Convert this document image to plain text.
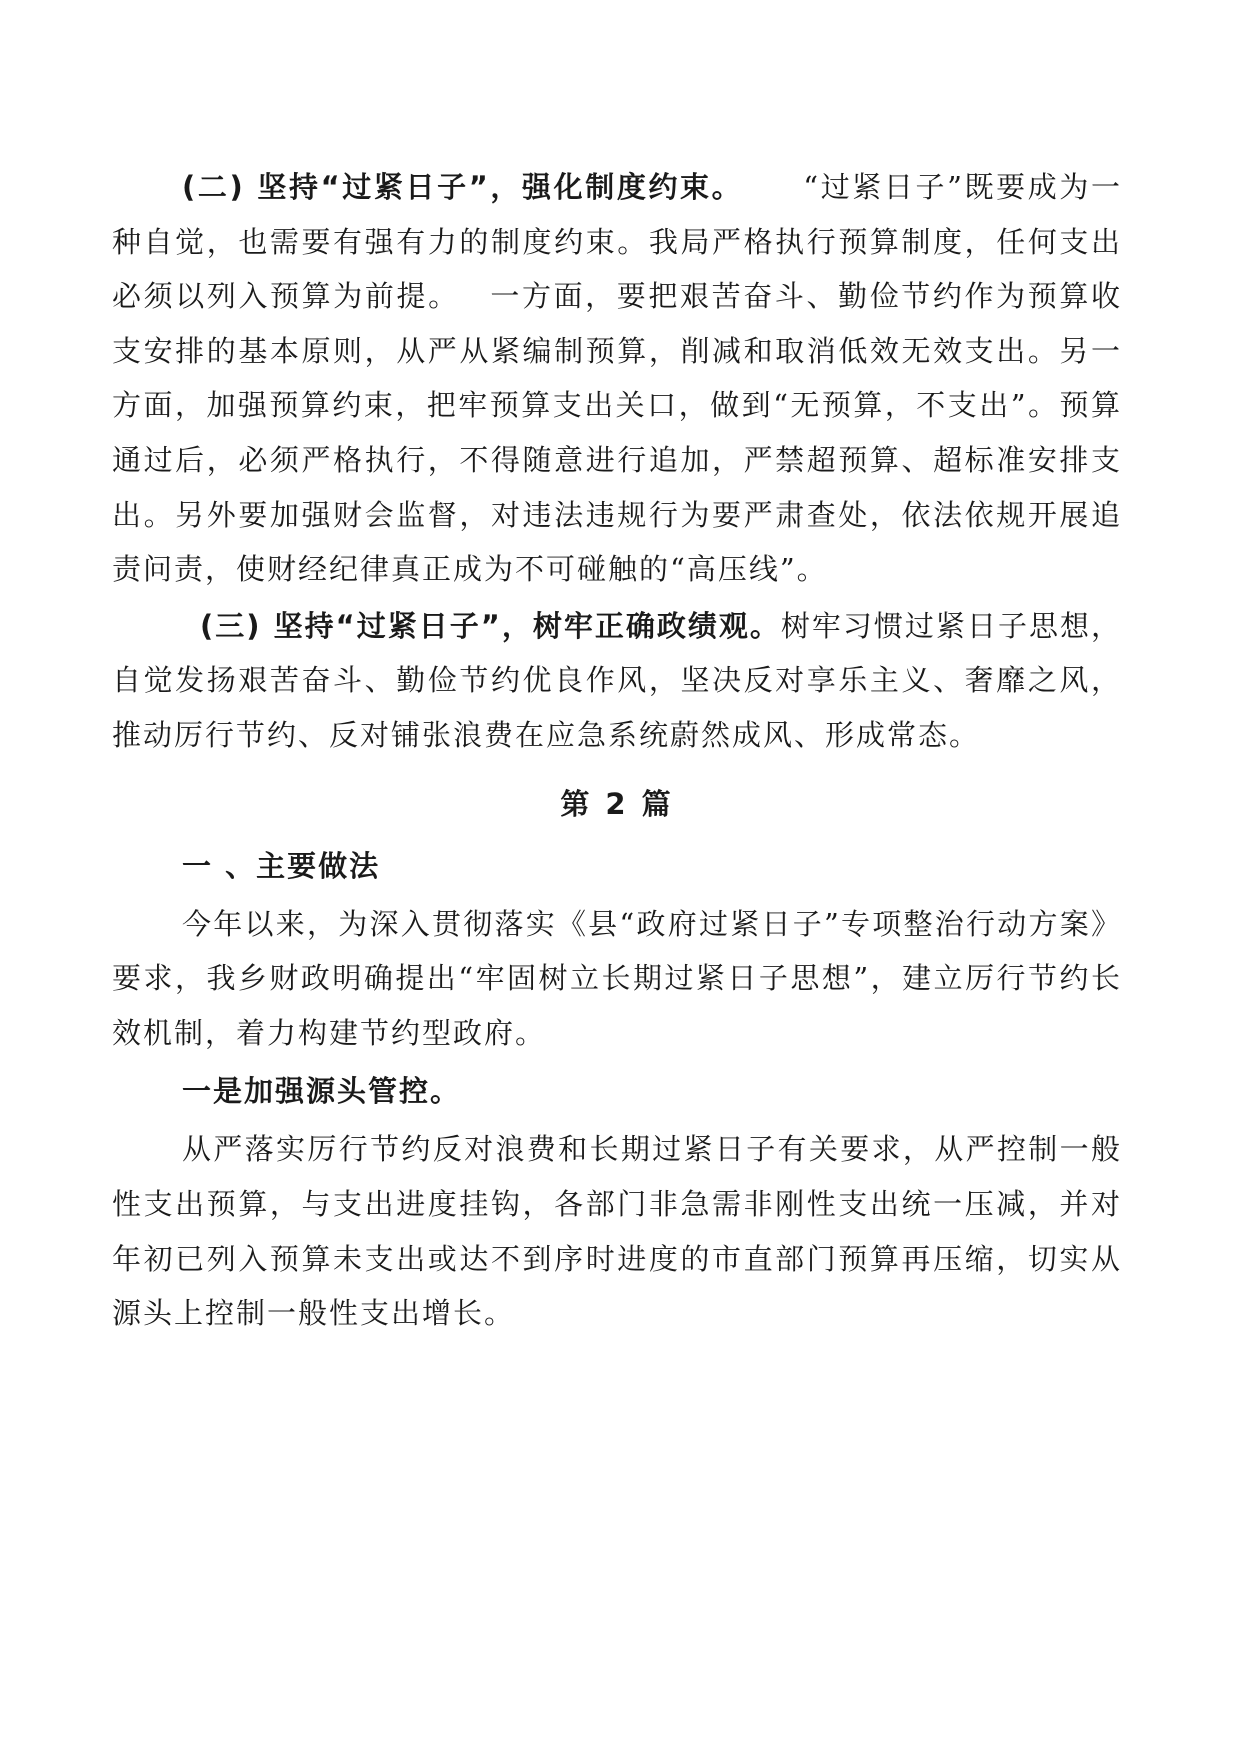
(二) 坚持“过紧日子”，强化制度约束。 “过紧日子”既要成为一种自觉，也需要有强有力的制度约束。我局严格执行预算制度，任何支出必须以列入预算为前提。 一方面，要把艰苦奋斗、勤俭节约作为预算收支安排的基本原则，从严从紧编制预算，削减和取消低效无效支出。另一方面，加强预算约束，把牢预算支出关口，做到“无预算，不支出”。预算通过后，必须严格执行，不得随意进行追加，严禁超预算、超标准安排支出。另外要加强财会监督，对违法违规行为要严肃查处，依法依规开展追责问责，使财经纪律真正成为不可碰触的“高压线”。

(三) 坚持“过紧日子”，树牢正确政绩观。树牢习惯过紧日子思想，自觉发扬艰苦奋斗、勤俭节约优良作风，坚决反对享乐主义、奢靡之风，推动厉行节约、反对铺张浪费在应急系统蔚然成风、形成常态。

第 2 篇

一 、主要做法

今年以来，为深入贯彻落实《县“政府过紧日子”专项整治行动方案》要求，我乡财政明确提出“牢固树立长期过紧日子思想”，建立厉行节约长效机制，着力构建节约型政府。

一是加强源头管控。

从严落实厉行节约反对浪费和长期过紧日子有关要求，从严控制一般性支出预算，与支出进度挂钩，各部门非急需非刚性支出统一压减，并对年初已列入预算未支出或达不到序时进度的市直部门预算再压缩，切实从源头上控制一般性支出增长。
